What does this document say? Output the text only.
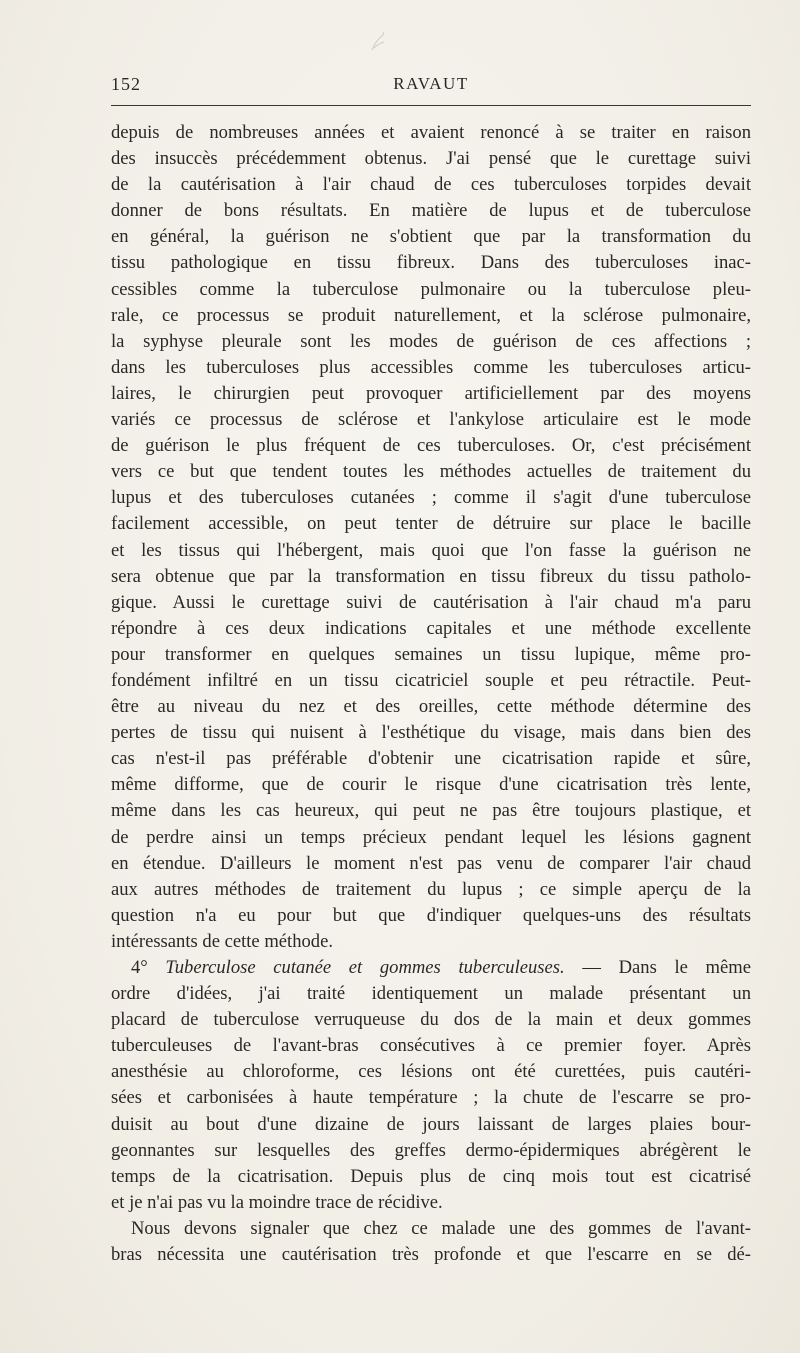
152	RAVAUT
depuis de nombreuses années et avaient renoncé à se traiter en raison
des insuccès précédemment obtenus. J'ai pensé que le curettage suivi
de la cautérisation à l'air chaud de ces tuberculoses torpides devait
donner de bons résultats. En matière de lupus et de tuberculose
en général, la guérison ne s'obtient que par la transformation du
tissu pathologique en tissu fibreux. Dans des tuberculoses inac-
cessibles comme la tuberculose pulmonaire ou la tuberculose pleu-
rale, ce processus se produit naturellement, et la sclérose pulmonaire,
la syphyse pleurale sont les modes de guérison de ces affections ;
dans les tuberculoses plus accessibles comme les tuberculoses articu-
laires, le chirurgien peut provoquer artificiellement par des moyens
variés ce processus de sclérose et l'ankylose articulaire est le mode
de guérison le plus fréquent de ces tuberculoses. Or, c'est précisément
vers ce but que tendent toutes les méthodes actuelles de traitement du
lupus et des tuberculoses cutanées ; comme il s'agit d'une tuberculose
facilement accessible, on peut tenter de détruire sur place le bacille
et les tissus qui l'hébergent, mais quoi que l'on fasse la guérison ne
sera obtenue que par la transformation en tissu fibreux du tissu patholo-
gique. Aussi le curettage suivi de cautérisation à l'air chaud m'a paru
répondre à ces deux indications capitales et une méthode excellente
pour transformer en quelques semaines un tissu lupique, même pro-
fondément infiltré en un tissu cicatriciel souple et peu rétractile. Peut-
être au niveau du nez et des oreilles, cette méthode détermine des
pertes de tissu qui nuisent à l'esthétique du visage, mais dans bien des
cas n'est-il pas préférable d'obtenir une cicatrisation rapide et sûre,
même difforme, que de courir le risque d'une cicatrisation très lente,
même dans les cas heureux, qui peut ne pas être toujours plastique, et
de perdre ainsi un temps précieux pendant lequel les lésions gagnent
en étendue. D'ailleurs le moment n'est pas venu de comparer l'air chaud
aux autres méthodes de traitement du lupus ; ce simple aperçu de la
question n'a eu pour but que d'indiquer quelques-uns des résultats
intéressants de cette méthode.
4° Tuberculose cutanée et gommes tuberculeuses. — Dans le même
ordre d'idées, j'ai traité identiquement un malade présentant un
placard de tuberculose verruqueuse du dos de la main et deux gommes
tuberculeuses de l'avant-bras consécutives à ce premier foyer. Après
anesthésie au chloroforme, ces lésions ont été curettées, puis cautéri-
sées et carbonisées à haute température ; la chute de l'escarre se pro-
duisit au bout d'une dizaine de jours laissant de larges plaies bour-
geonnantes sur lesquelles des greffes dermo-épidermiques abrégèrent le
temps de la cicatrisation. Depuis plus de cinq mois tout est cicatrisé
et je n'ai pas vu la moindre trace de récidive.
Nous devons signaler que chez ce malade une des gommes de l'avant-
bras nécessita une cautérisation très profonde et que l'escarre en se dé-
